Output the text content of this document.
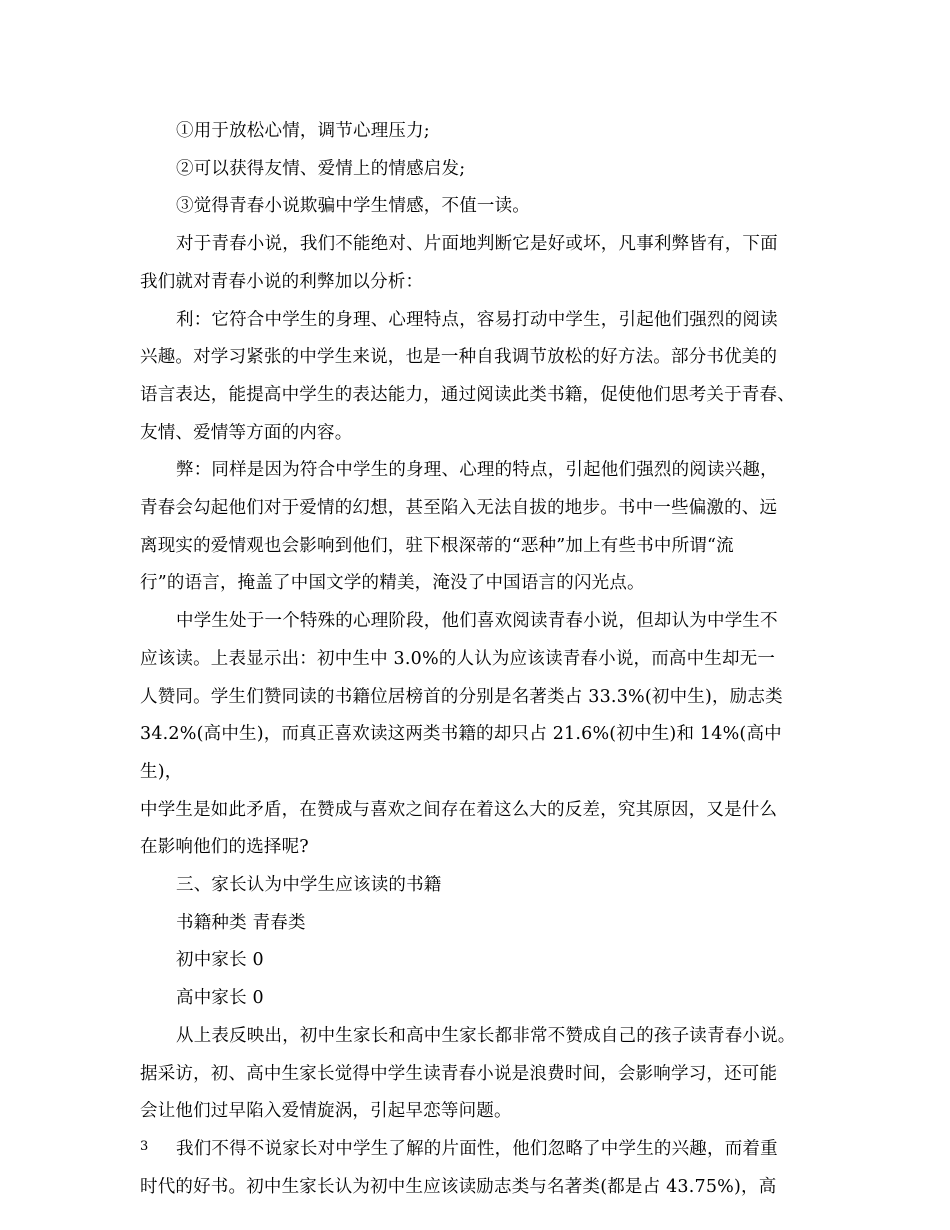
①用于放松心情，调节心理压力;

②可以获得友情、爱情上的情感启发;

③觉得青春小说欺骗中学生情感，不值一读。

对于青春小说，我们不能绝对、片面地判断它是好或坏，凡事利弊皆有，下面
我们就对青春小说的利弊加以分析：

利：它符合中学生的身理、心理特点，容易打动中学生，引起他们强烈的阅读
兴趣。对学习紧张的中学生来说，也是一种自我调节放松的好方法。部分书优美的
语言表达，能提高中学生的表达能力，通过阅读此类书籍，促使他们思考关于青春、
友情、爱情等方面的内容。

弊：同样是因为符合中学生的身理、心理的特点，引起他们强烈的阅读兴趣，
青春会勾起他们对于爱情的幻想，甚至陷入无法自拔的地步。书中一些偏激的、远
离现实的爱情观也会影响到他们，驻下根深蒂的“恶种”加上有些书中所谓“流
行”的语言，掩盖了中国文学的精美，淹没了中国语言的闪光点。

中学生处于一个特殊的心理阶段，他们喜欢阅读青春小说，但却认为中学生不
应该读。上表显示出：初中生中 3.0%的人认为应该读青春小说，而高中生却无一
人赞同。学生们赞同读的书籍位居榜首的分别是名著类占 33.3%(初中生)，励志类
34.2%(高中生)，而真正喜欢读这两类书籍的却只占 21.6%(初中生)和 14%(高中生)，
中学生是如此矛盾，在赞成与喜欢之间存在着这么大的反差，究其原因，又是什么
在影响他们的选择呢?

三、家长认为中学生应该读的书籍

书籍种类 青春类

初中家长 0

高中家长 0

从上表反映出，初中生家长和高中生家长都非常不赞成自己的孩子读青春小说。
据采访，初、高中生家长觉得中学生读青春小说是浪费时间，会影响学习，还可能
会让他们过早陷入爱情旋涡，引起早恋等问题。

我们不得不说家长对中学生了解的片面性，他们忽略了中学生的兴趣，而着重
时代的好书。初中生家长认为初中生应该读励志类与名著类(都是占 43.75%)，高

3
